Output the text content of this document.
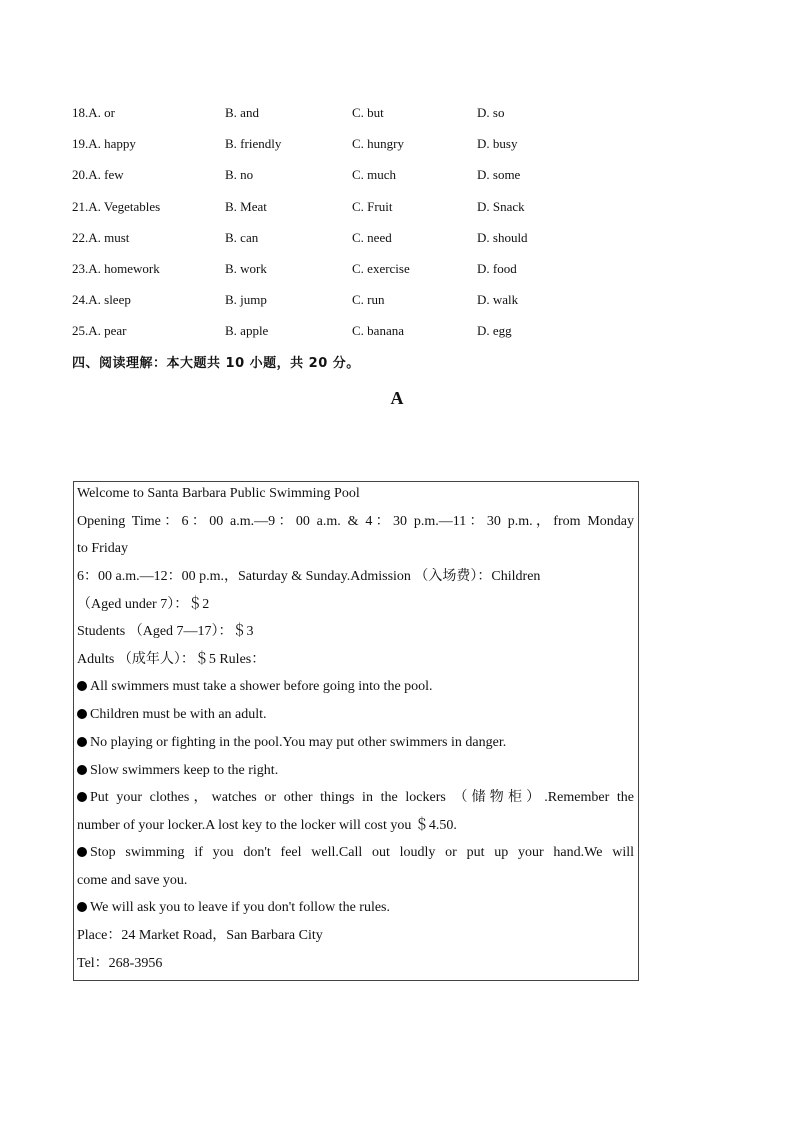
18.A. or	B. and	C. but	D. so
19.A. happy	B. friendly	C. hungry	D. busy
20.A. few	B. no	C. much	D. some
21.A. Vegetables	B. Meat	C. Fruit	D. Snack
22.A. must	B. can	C. need	D. should
23.A. homework	B. work	C. exercise	D. food
24.A. sleep	B. jump	C. run	D. walk
25.A. pear	B. apple	C. banana	D. egg
四、阅读理解：本大题共 10 小题，共 20 分。
A
Welcome to Santa Barbara Public Swimming Pool
Opening Time：6：00 a.m.—9：00 a.m. & 4：30 p.m.—11：30 p.m.，from Monday
to Friday
6：00 a.m.—12：00 p.m.，Saturday & Sunday.Admission （入场费）：Children
（Aged under 7）：＄2
Students （Aged 7—17）：＄3
Adults （成年人）：＄5 Rules：
All swimmers must take a shower before going into the pool.
Children must be with an adult.
No playing or fighting in the pool.You may put other swimmers in danger.
Slow swimmers keep to the right.
Put your clothes，watches or other things in the lockers （储物柜）.Remember the
number of your locker.A lost key to the locker will cost you ＄4.50.
Stop swimming if you don't feel well.Call out loudly or put up your hand.We will
come and save you.
We will ask you to leave if you don't follow the rules.
Place：24 Market Road，San Barbara City
Tel：268-3956
